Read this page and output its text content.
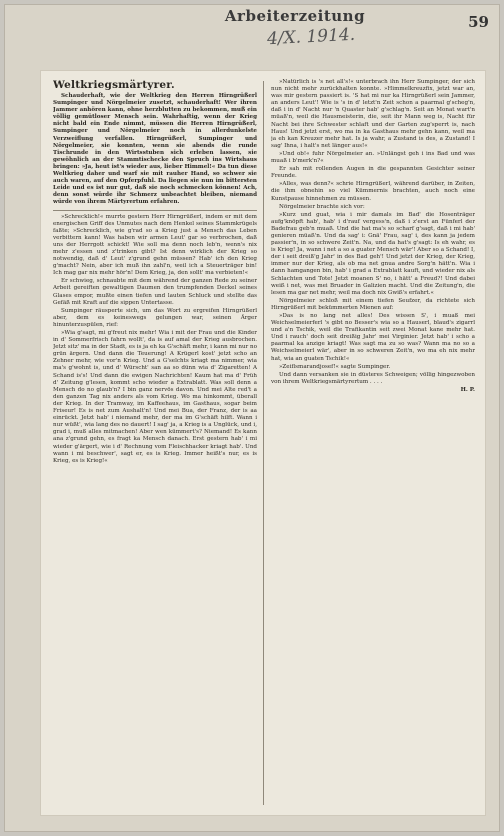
Arbeiterzeitung	59
4/X. 1914.

Weltkriegsmärtyrer.

Schauderhaft, wie der Weltkrieg den Herren Hirngrüßerl Sumpinger und Nörgelmeier zusetzt, schauderhaft! Wer ihren Jammer anhören kann, ohne herzblutten zu bekommen, muß ein völlig gemütloser Mensch sein. Wahrhaftig, wenn der Krieg nicht bald ein Ende nimmt, müssen die Herren Hirngrüßerl, Sumpinger und Nörgelmeier noch in allerdunkelste Verzweiflung verfallen. Hirngrüßerl, Sumpinger und Nörgelmeier, sie konnten, wenn sie abends die runde Tischrunde in den Wirtsstuben sich erleben lassen, sie gewöhnlich an der Stammtischecke den Spruch ins Wirtshaus bringen: »Ja, heut ist's wieder aus, lieber Himmel!« Da tun diese Weltkrieg daher und warf sie mit rauher Hand, so schwer sie auch waren, auf den Opferpfuhl. Da liegen sie nun im bittersten Leide und es ist nur gut, daß sie noch schmecken können! Ach, denn sonst würde ihr Schmerz unbeachtet bleiben, niemand würde von ihrem Märtyrertum erfahren.

»Schrecklich!« murrte gestern Herr Hirngrüßerl, indem er mit dem energischen Griff des Unmutes nach dem Henkel seines Stammkrügels faßte; »Schrecklich, wie g'rad so a Krieg just a Mensch das Leben verbittern kann! Was haben wir armen Leut' gar so verbrochen, daß uns der Herrgott schickt! Wie soll ma denn noch leb'n, wenn's nix mehr z'essen und z'trinken gibt? Ist denn wirklich der Krieg so notwendig, daß d' Leut' z'grund gehn müssen? Hab' ich den Krieg g'macht? Nein, aber ich muß ihn zahl'n, weil ich a Steuerträger bin! Ich mag gar nix mehr hör'n! Dem Krieg, ja, den sollt' ma verbieten!«

Er schwieg, schnaubte mit dem während der ganzen Rede zu seiner Arbeit gereiften gewaltigen Daumen den trumpfenden Deckel seines Glases empor, mußte einen tiefen und lauten Schluck und stellte das Gefäß mit Kraft auf die sippen Untertasse.

Sumpinger räusperte sich, um das Wort zu ergreifen Hirngrüßerl aber, dem es keineswegs gelungen war, seinen Ärger hinunterzuspülen, rief:

»Wia g'sagt, mi g'freut nix mehr! Wia i mit der Frau und die Kinder in d' Sommerfrisch fahrn wollt', da is auf amal der Krieg ausbrochen. Jetzt sitz' ma in der Stadt, es is ja eh ka G'schäft mehr, i kann mi nur no grün ärgern. Und dann die Teuerung! A Krügerl kost' jetzt scho an Zehner mehr, wie vor'n Krieg. Und a G'selchts kriagt ma nimmer, wia ma's g'wohnt is, und d' Würscht' san aa so dünn wia d' Zigaretten! A Schand is's! Und dann die ewigen Nachrichten! Kaum hat ma d' Früh d' Zeitung g'lesen, kommt scho wieder a Extrablatt. Was soll denn a Mensch do no glaub'n? I bin ganz nervös davon. Und mei Alte red't a den ganzen Tag nix anders als vom Krieg. Wo ma hinkommt, überall der Krieg. In der Tramway, im Kaffeehaus, im Gasthaus, sogar beim Friseur! Es is net zum Aushalt'n! Und mei Bua, der Franz, der is aa einrückt. Jetzt hab' i niemand mehr, der ma im G'schäft hilft. Wann i nur wüßt', wia lang des no dauert! I sag' ja, a Krieg is a Unglück, und i, grad i, muß alles mitmachen! Aber wen kümmert's? Niemand! Es kann ana z'grund gehn, es fragt ka Mensch danach. Erst gestern hab' i mi wieder g'ärgert, wie i d' Rechnung vom Fleischhacker kriagt hab'. Und wann i mi beschwer', sagt er, es is Krieg. Immer heißt's nur, es is Krieg, es is Krieg!«

»Natürlich is 's net all's!« unterbrach ihn Herr Sumpinger, der sich nun nicht mehr zurückhalten konnte. »Himmelkreuzfix, jetzt war an, was mir gestern passiert is. 'S hat mi nur ka Hirngrüßerl sein Jammer, an anders Leut'! Wie is 's in d' letzt'n Zeit schon a paarmal g'scheg'n, daß i in d' Nacht nur 'n Quaster hab' g'schlag'n. Seit an Monat wart'n müaß'n, weil die Hausmeisterin, die, seit ihr Mann weg is, Nacht für Nacht bei ihre Schwester schlaft und der Garten zug'sperrt is, nach Haus! Und jetzt erst, wo ma in ka Gasthaus mehr gehn kann, weil ma ja eh kan Kreuzer mehr hat. Is ja wahr, a Zustand is des, a Zustand! I sag' Ihna, i halt's net länger aus!«

»Und ob!« fuhr Nörgelmeier an. »Unlängst geh i ins Bad und was muaß i b'merk'n?«

Er sah mit rollenden Augen in die gespannten Gesichter seiner Freunde.

»Alles, was denn?« schrie Hirngrüßerl, während darüber, in Zeiten, die ihm obnehin so viel Kümmernis brachten, auch noch eine Kunstpause hinnehmen zu müssen.

Nörgelmeier brachte sich vor:

»Kurz und guat, wia i mir damals im Bad' die Hosenträger aufg'knöpft hab', hab' i d'rauf vergess'n, daß i z'erst an Fünferl der Badefrau geb'n muaß. Und die hat ma's so scharf g'sagt, daß i mi hab' genieren müaß'n. Und da sag' i: Gnä' Frau, sag' i, des kann ja jedem passier'n, in so schwere Zeit'n. Na, und da hat's g'sagt: Is eh wahr, es is Krieg! Ja, wann i net a so a guater Mensch wär'! Aber so a Schand! I, der i seit dreiß'g Jahr' in des Bad geh'! Und jetzt der Krieg, der Krieg, immer nur der Krieg, als ob ma net gnua andre Sorg'n hätt'n. Wia i dann hamgangen bin, hab' i grad a Extrablatt kauft, und wieder nix als Schlachten und Tote! Jetzt moanen S' no, i hätt' a Freud?! Und dabei weiß i net, was mei Bruader in Galizien macht. Und die Zeitung'n, die lesen ma gar net mehr, weil ma doch nix Gwiß's erfahrt.«

Nörgelmeier schloß mit einem tiefen Seufzer, da richtete sich Hirngrüßerl mit bekümmerten Mienen auf:

»Das is no lang net alles! Des wissen S', i muaß mei Weichselmeierferl 's gibt no Besser's wia so a Hauserl, blaud's zigarrl und a'n Tschik, weil die Trafikantin seit zwei Monat kane mehr hat. Und i rauch' doch seit dreißig Jahr' mei Virginier. Jetzt hab' i scho a paarmal ka anzige kriagt! Was sagt ma zu so was? Wann ma no so a Weichselmeierl wär', aber in so schweren Zeit'n, wo ma eh nix mehr hat, wia an guaten Tschik!«

»Zeiflsmarandjosef!« sagte Sumpinger.

Und dann versanken sie in düsteres Schweigen; völlig hingezwoben von ihrem Weltkriegsmärtyrertum . . . .

H. P.
